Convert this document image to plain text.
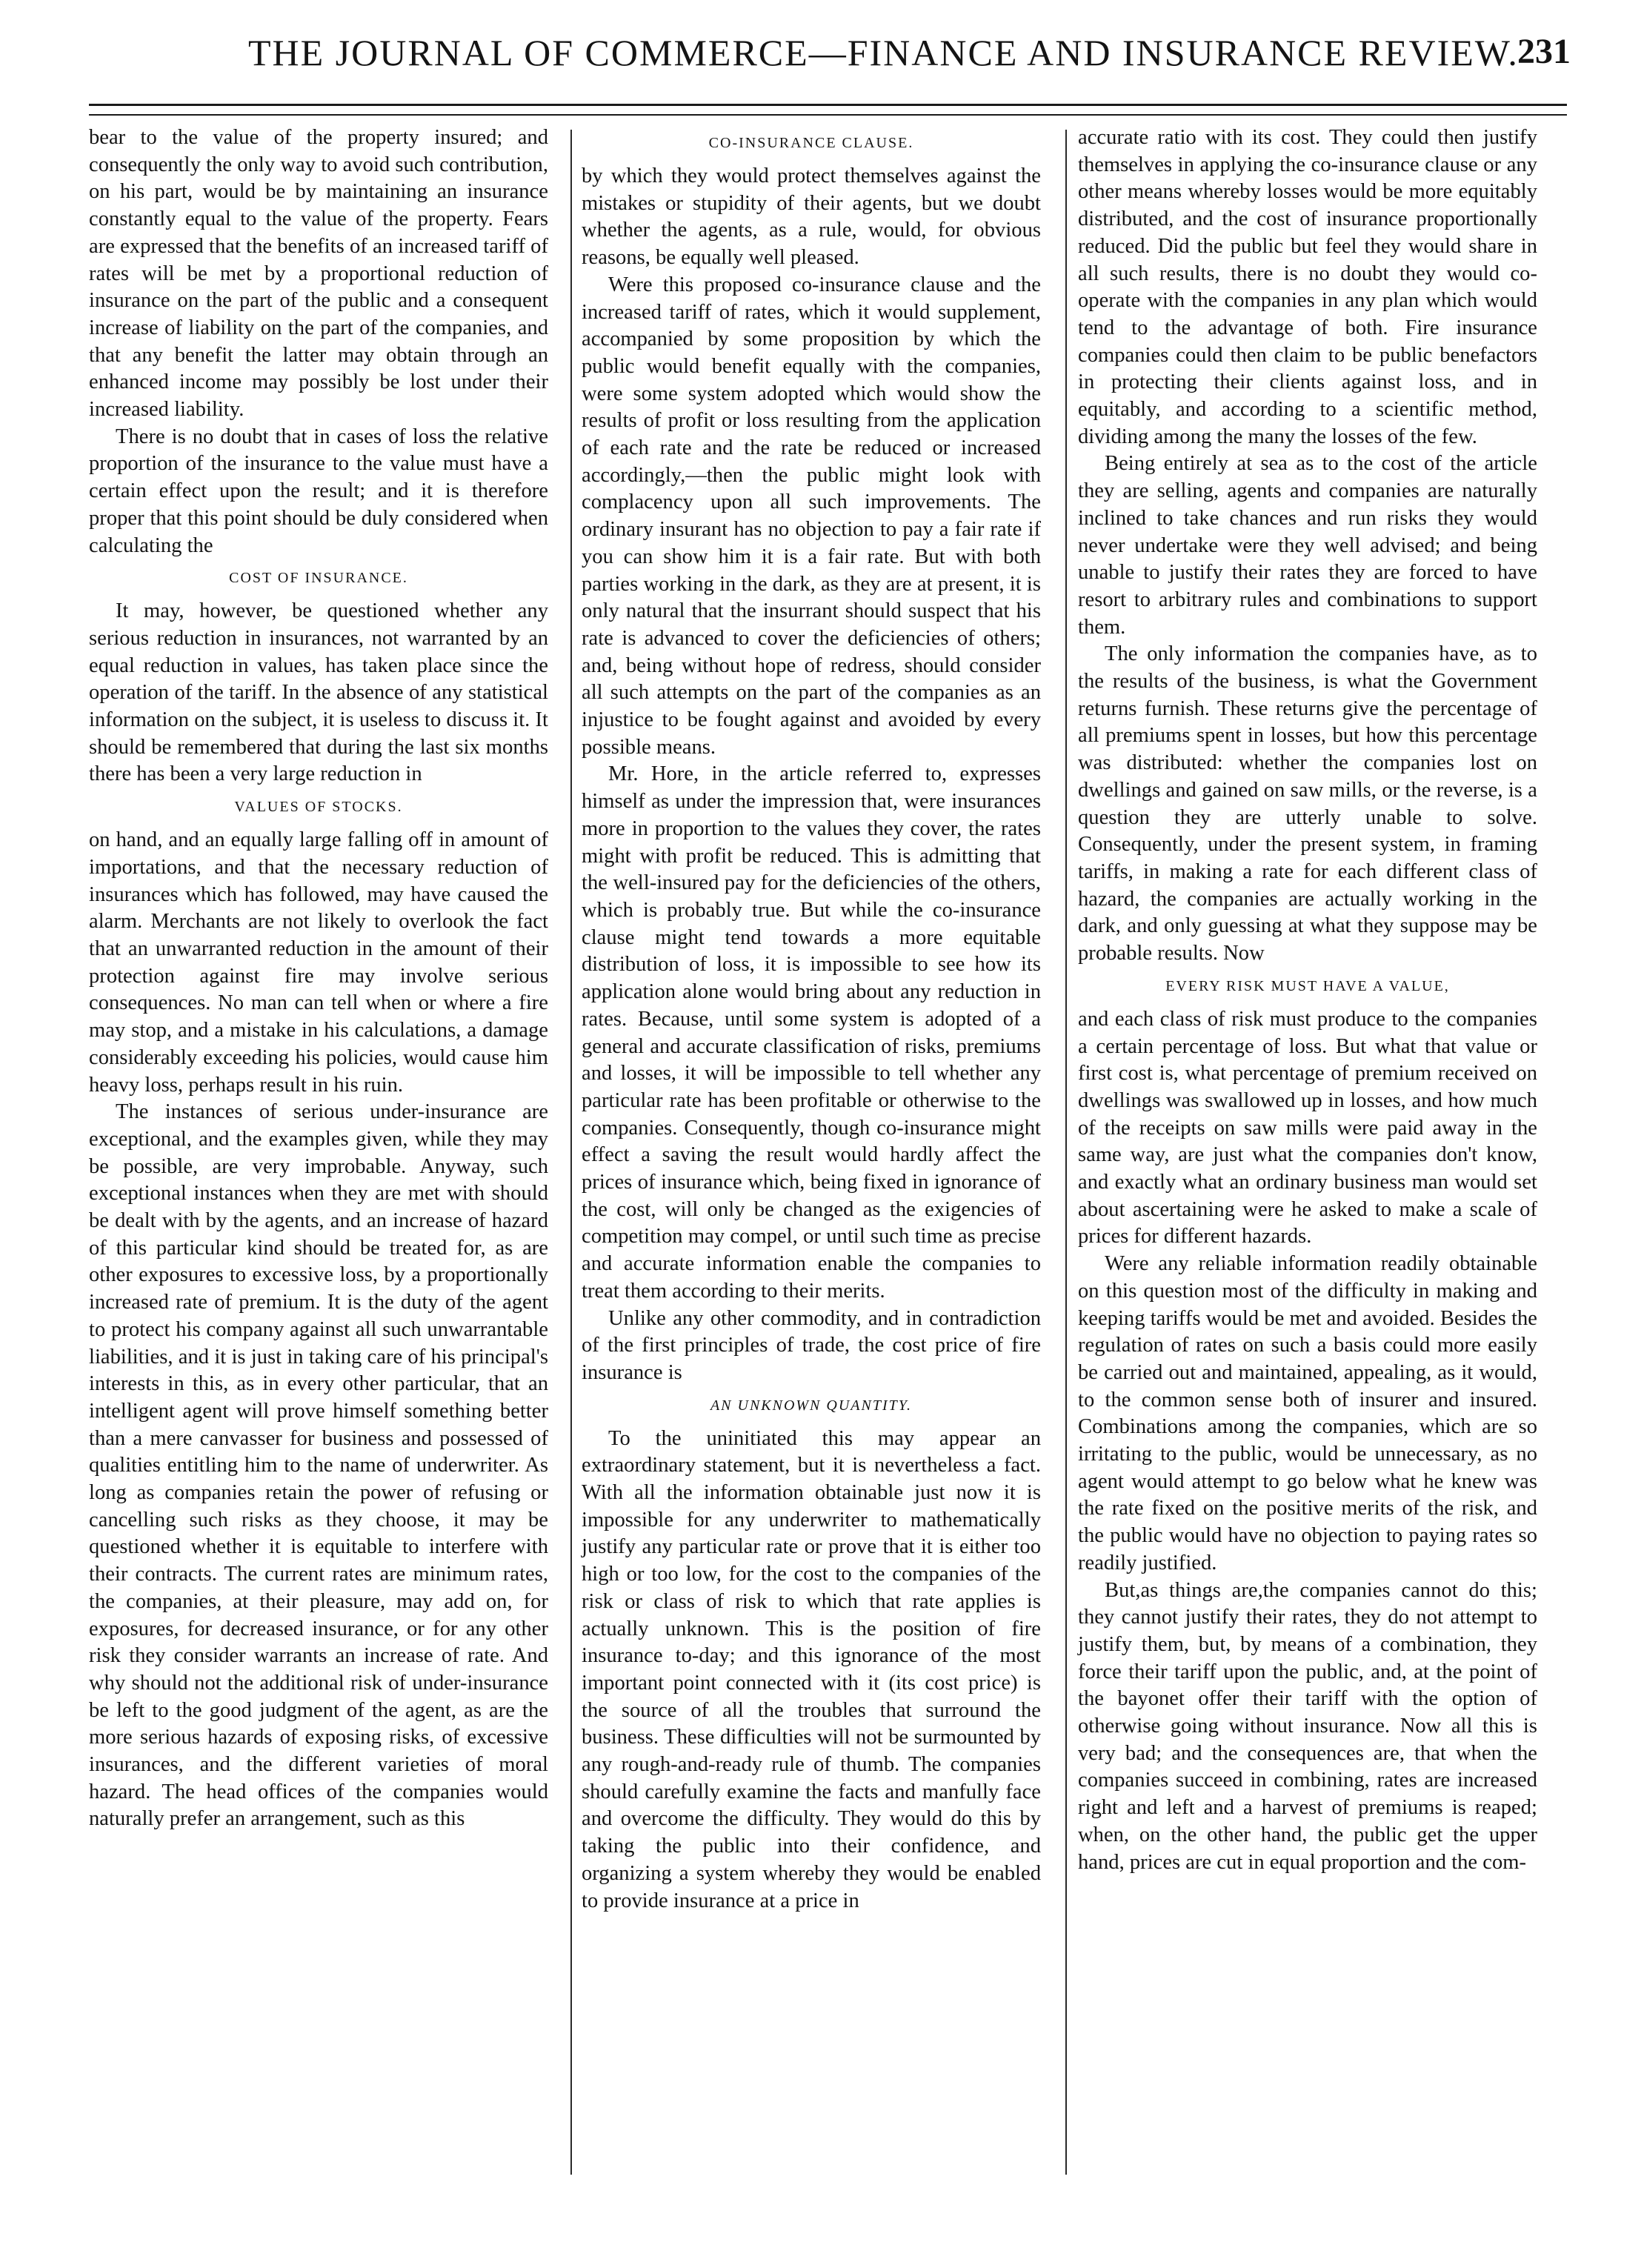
THE JOURNAL OF COMMERCE—FINANCE AND INSURANCE REVIEW.
231

bear to the value of the property insured; and consequently the only way to avoid such contribution, on his part, would be by maintaining an insurance constantly equal to the value of the property. Fears are expressed that the benefits of an increased tariff of rates will be met by a proportional reduction of insurance on the part of the public and a consequent increase of liability on the part of the companies, and that any benefit the latter may obtain through an enhanced income may possibly be lost under their increased liability.

There is no doubt that in cases of loss the relative proportion of the insurance to the value must have a certain effect upon the result; and it is therefore proper that this point should be duly considered when calculating the

COST OF INSURANCE.

It may, however, be questioned whether any serious reduction in insurances, not warranted by an equal reduction in values, has taken place since the operation of the tariff. In the absence of any statistical information on the subject, it is useless to discuss it. It should be remembered that during the last six months there has been a very large reduction in

VALUES OF STOCKS.

on hand, and an equally large falling off in amount of importations, and that the necessary reduction of insurances which has followed, may have caused the alarm. Merchants are not likely to overlook the fact that an unwarranted reduction in the amount of their protection against fire may involve serious consequences. No man can tell when or where a fire may stop, and a mistake in his calculations, a damage considerably exceeding his policies, would cause him heavy loss, perhaps result in his ruin.

The instances of serious under-insurance are exceptional, and the examples given, while they may be possible, are very improbable. Anyway, such exceptional instances when they are met with should be dealt with by the agents, and an increase of hazard of this particular kind should be treated for, as are other exposures to excessive loss, by a proportionally increased rate of premium. It is the duty of the agent to protect his company against all such unwarrantable liabilities, and it is just in taking care of his principal's interests in this, as in every other particular, that an intelligent agent will prove himself something better than a mere canvasser for business and possessed of qualities entitling him to the name of underwriter. As long as companies retain the power of refusing or cancelling such risks as they choose, it may be questioned whether it is equitable to interfere with their contracts. The current rates are minimum rates, the companies, at their pleasure, may add on, for exposures, for decreased insurance, or for any other risk they consider warrants an increase of rate. And why should not the additional risk of under-insurance be left to the good judgment of the agent, as are the more serious hazards of exposing risks, of excessive insurances, and the different varieties of moral hazard. The head offices of the companies would naturally prefer an arrangement, such as this

CO-INSURANCE CLAUSE.

by which they would protect themselves against the mistakes or stupidity of their agents, but we doubt whether the agents, as a rule, would, for obvious reasons, be equally well pleased.

Were this proposed co-insurance clause and the increased tariff of rates, which it would supplement, accompanied by some proposition by which the public would benefit equally with the companies, were some system adopted which would show the results of profit or loss resulting from the application of each rate and the rate be reduced or increased accordingly,—then the public might look with complacency upon all such improvements. The ordinary insurant has no objection to pay a fair rate if you can show him it is a fair rate. But with both parties working in the dark, as they are at present, it is only natural that the insurrant should suspect that his rate is advanced to cover the deficiencies of others; and, being without hope of redress, should consider all such attempts on the part of the companies as an injustice to be fought against and avoided by every possible means.

Mr. Hore, in the article referred to, expresses himself as under the impression that, were insurances more in proportion to the values they cover, the rates might with profit be reduced. This is admitting that the well-insured pay for the deficiencies of the others, which is probably true. But while the co-insurance clause might tend towards a more equitable distribution of loss, it is impossible to see how its application alone would bring about any reduction in rates. Because, until some system is adopted of a general and accurate classification of risks, premiums and losses, it will be impossible to tell whether any particular rate has been profitable or otherwise to the companies. Consequently, though co-insurance might effect a saving the result would hardly affect the prices of insurance which, being fixed in ignorance of the cost, will only be changed as the exigencies of competition may compel, or until such time as precise and accurate information enable the companies to treat them according to their merits.

Unlike any other commodity, and in contradiction of the first principles of trade, the cost price of fire insurance is

AN UNKNOWN QUANTITY.

To the uninitiated this may appear an extraordinary statement, but it is nevertheless a fact. With all the information obtainable just now it is impossible for any underwriter to mathematically justify any particular rate or prove that it is either too high or too low, for the cost to the companies of the risk or class of risk to which that rate applies is actually unknown. This is the position of fire insurance to-day; and this ignorance of the most important point connected with it (its cost price) is the source of all the troubles that surround the business. These difficulties will not be surmounted by any rough-and-ready rule of thumb. The companies should carefully examine the facts and manfully face and overcome the difficulty. They would do this by taking the public into their confidence, and organizing a system whereby they would be enabled to provide insurance at a price in

accurate ratio with its cost. They could then justify themselves in applying the co-insurance clause or any other means whereby losses would be more equitably distributed, and the cost of insurance proportionally reduced. Did the public but feel they would share in all such results, there is no doubt they would co-operate with the companies in any plan which would tend to the advantage of both. Fire insurance companies could then claim to be public benefactors in protecting their clients against loss, and in equitably, and according to a scientific method, dividing among the many the losses of the few.

Being entirely at sea as to the cost of the article they are selling, agents and companies are naturally inclined to take chances and run risks they would never undertake were they well advised; and being unable to justify their rates they are forced to have resort to arbitrary rules and combinations to support them.

The only information the companies have, as to the results of the business, is what the Government returns furnish. These returns give the percentage of all premiums spent in losses, but how this percentage was distributed: whether the companies lost on dwellings and gained on saw mills, or the reverse, is a question they are utterly unable to solve. Consequently, under the present system, in framing tariffs, in making a rate for each different class of hazard, the companies are actually working in the dark, and only guessing at what they suppose may be probable results. Now

EVERY RISK MUST HAVE A VALUE,

and each class of risk must produce to the companies a certain percentage of loss. But what that value or first cost is, what percentage of premium received on dwellings was swallowed up in losses, and how much of the receipts on saw mills were paid away in the same way, are just what the companies don't know, and exactly what an ordinary business man would set about ascertaining were he asked to make a scale of prices for different hazards.

Were any reliable information readily obtainable on this question most of the difficulty in making and keeping tariffs would be met and avoided. Besides the regulation of rates on such a basis could more easily be carried out and maintained, appealing, as it would, to the common sense both of insurer and insured. Combinations among the companies, which are so irritating to the public, would be unnecessary, as no agent would attempt to go below what he knew was the rate fixed on the positive merits of the risk, and the public would have no objection to paying rates so readily justified.

But,as things are,the companies cannot do this; they cannot justify their rates, they do not attempt to justify them, but, by means of a combination, they force their tariff upon the public, and, at the point of the bayonet offer their tariff with the option of otherwise going without insurance. Now all this is very bad; and the consequences are, that when the companies succeed in combining, rates are increased right and left and a harvest of premiums is reaped; when, on the other hand, the public get the upper hand, prices are cut in equal proportion and the com-
